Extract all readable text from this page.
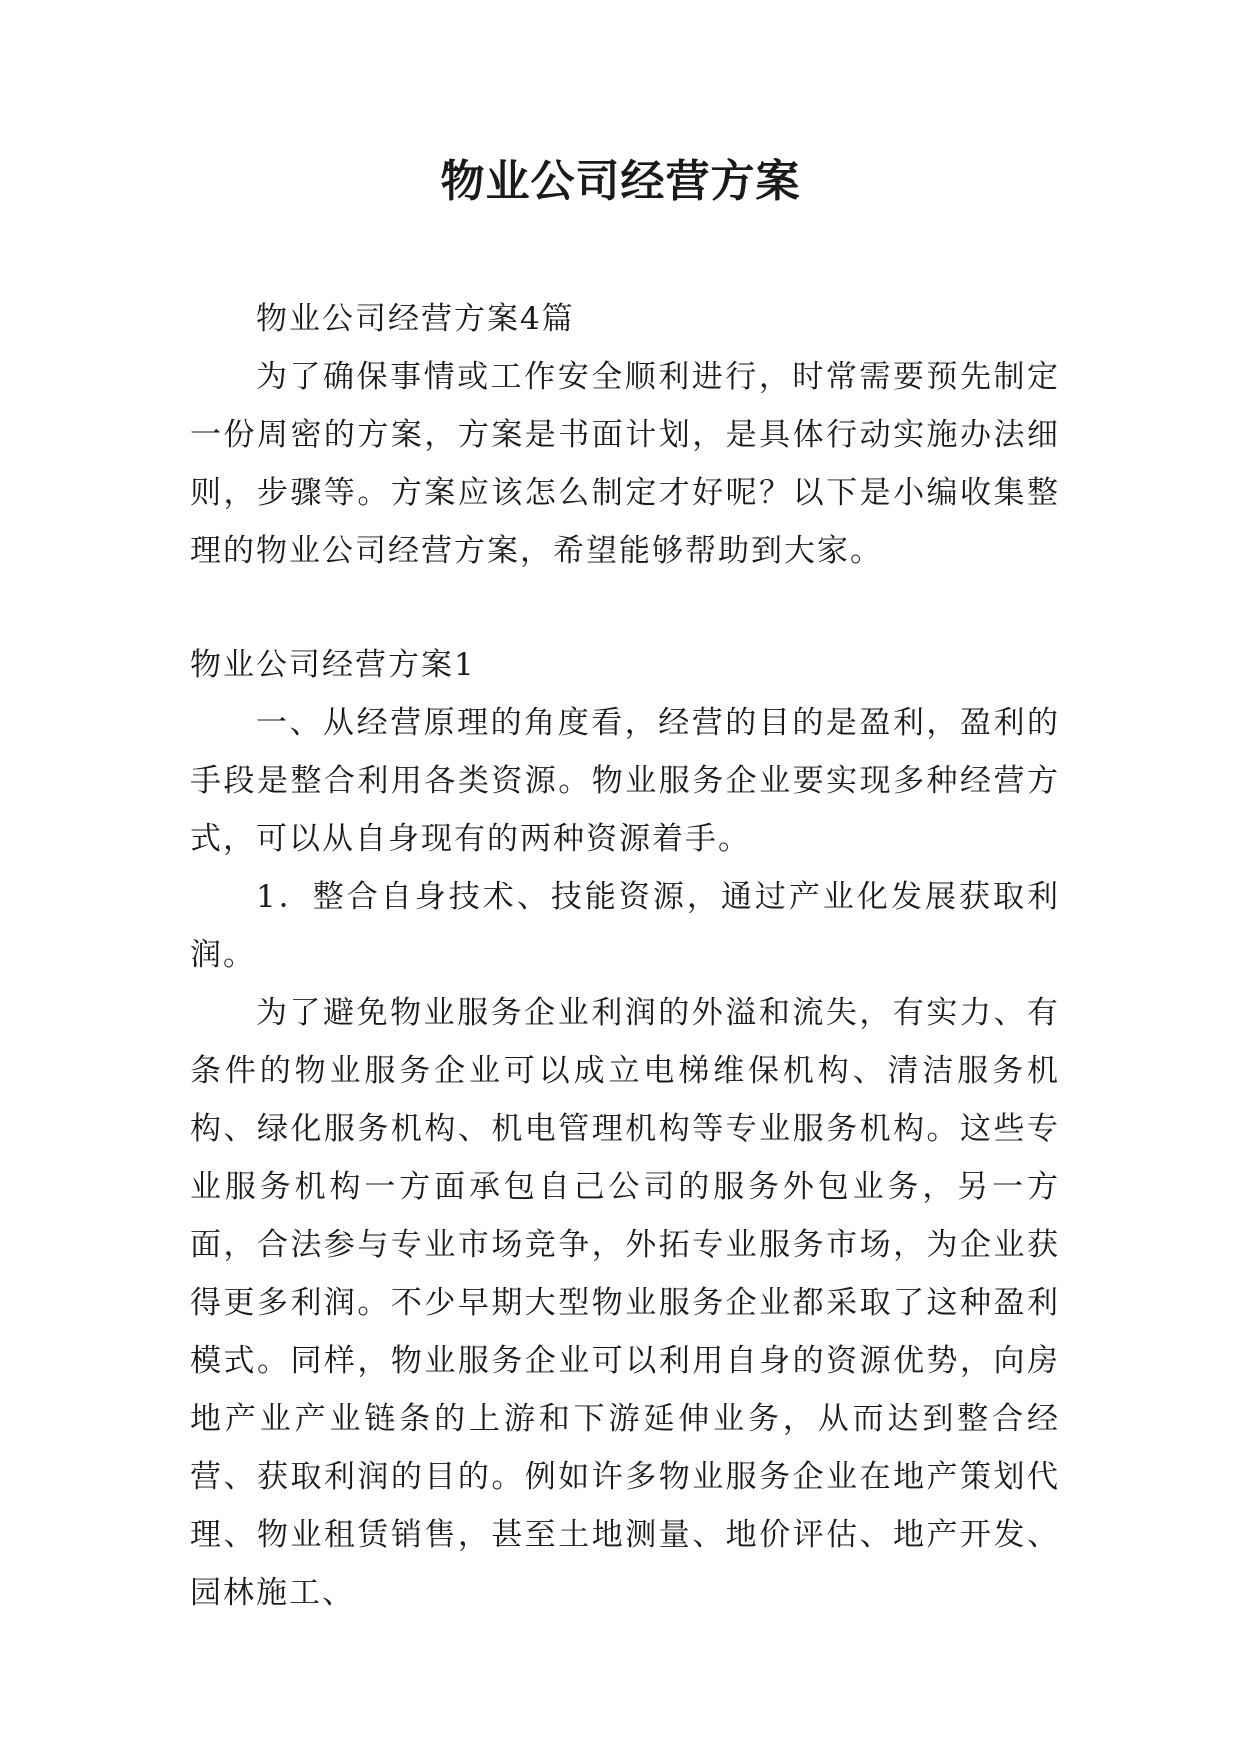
物业公司经营方案

物业公司经营方案4篇

为了确保事情或工作安全顺利进行，时常需要预先制定一份周密的方案，方案是书面计划，是具体行动实施办法细则，步骤等。方案应该怎么制定才好呢？以下是小编收集整理的物业公司经营方案，希望能够帮助到大家。

物业公司经营方案1

一、从经营原理的角度看，经营的目的是盈利，盈利的手段是整合利用各类资源。物业服务企业要实现多种经营方式，可以从自身现有的两种资源着手。

1．整合自身技术、技能资源，通过产业化发展获取利润。

为了避免物业服务企业利润的外溢和流失，有实力、有条件的物业服务企业可以成立电梯维保机构、清洁服务机构、绿化服务机构、机电管理机构等专业服务机构。这些专业服务机构一方面承包自己公司的服务外包业务，另一方面，合法参与专业市场竞争，外拓专业服务市场，为企业获得更多利润。不少早期大型物业服务企业都采取了这种盈利模式。同样，物业服务企业可以利用自身的资源优势，向房地产业产业链条的上游和下游延伸业务，从而达到整合经营、获取利润的目的。例如许多物业服务企业在地产策划代理、物业租赁销售，甚至土地测量、地价评估、地产开发、园林施工、
